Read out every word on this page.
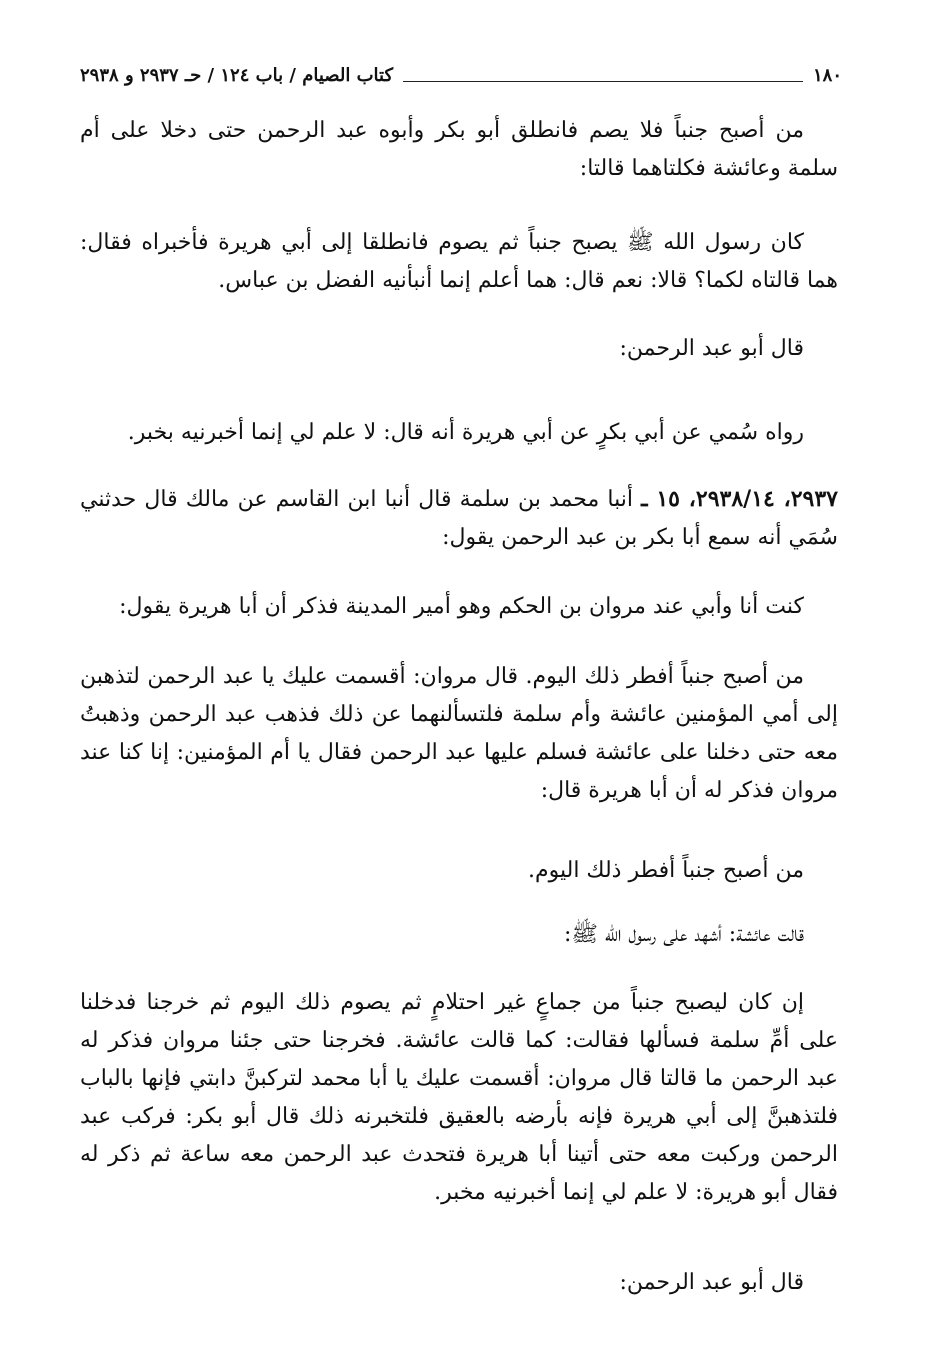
١٨٠
كتاب الصيام / باب ١٢٤ / حـ ٢٩٣٧ و ٢٩٣٨

من أصبح جنباً فلا يصم فانطلق أبو بكر وأبوه عبد الرحمن حتى دخلا على أم سلمة وعائشة فكلتاهما قالتا:

كان رسول الله ﷺ يصبح جنباً ثم يصوم فانطلقا إلى أبي هريرة فأخبراه فقال: هما قالتاه لكما؟ قالا: نعم قال: هما أعلم إنما أنبأنيه الفضل بن عباس.

قال أبو عبد الرحمن:

رواه سُمي عن أبي بكرٍ عن أبي هريرة أنه قال: لا علم لي إنما أخبرنيه بخبر.

٢٩٣٧، ٢٩٣٨/١٤، ١٥ ـ أنبا محمد بن سلمة قال أنبا ابن القاسم عن مالك قال حدثني سُمَي أنه سمع أبا بكر بن عبد الرحمن يقول:

كنت أنا وأبي عند مروان بن الحكم وهو أمير المدينة فذكر أن أبا هريرة يقول:

من أصبح جنباً أفطر ذلك اليوم. قال مروان: أقسمت عليك يا عبد الرحمن لتذهبن إلى أمي المؤمنين عائشة وأم سلمة فلتسألنهما عن ذلك فذهب عبد الرحمن وذهبتُ معه حتى دخلنا على عائشة فسلم عليها عبد الرحمن فقال يا أم المؤمنين: إنا كنا عند مروان فذكر له أن أبا هريرة قال:

من أصبح جنباً أفطر ذلك اليوم.

قالت عائشة: أشهد على رسول الله ﷺ:

إن كان ليصبح جنباً من جماعٍ غير احتلامٍ ثم يصوم ذلك اليوم ثم خرجنا فدخلنا على أمِّ سلمة فسألها فقالت: كما قالت عائشة. فخرجنا حتى جئنا مروان فذكر له عبد الرحمن ما قالتا قال مروان: أقسمت عليك يا أبا محمد لتركبنَّ دابتي فإنها بالباب فلتذهبنَّ إلى أبي هريرة فإنه بأرضه بالعقيق فلتخبرنه ذلك قال أبو بكر: فركب عبد الرحمن وركبت معه حتى أتينا أبا هريرة فتحدث عبد الرحمن معه ساعة ثم ذكر له فقال أبو هريرة: لا علم لي إنما أخبرنيه مخبر.

قال أبو عبد الرحمن:
